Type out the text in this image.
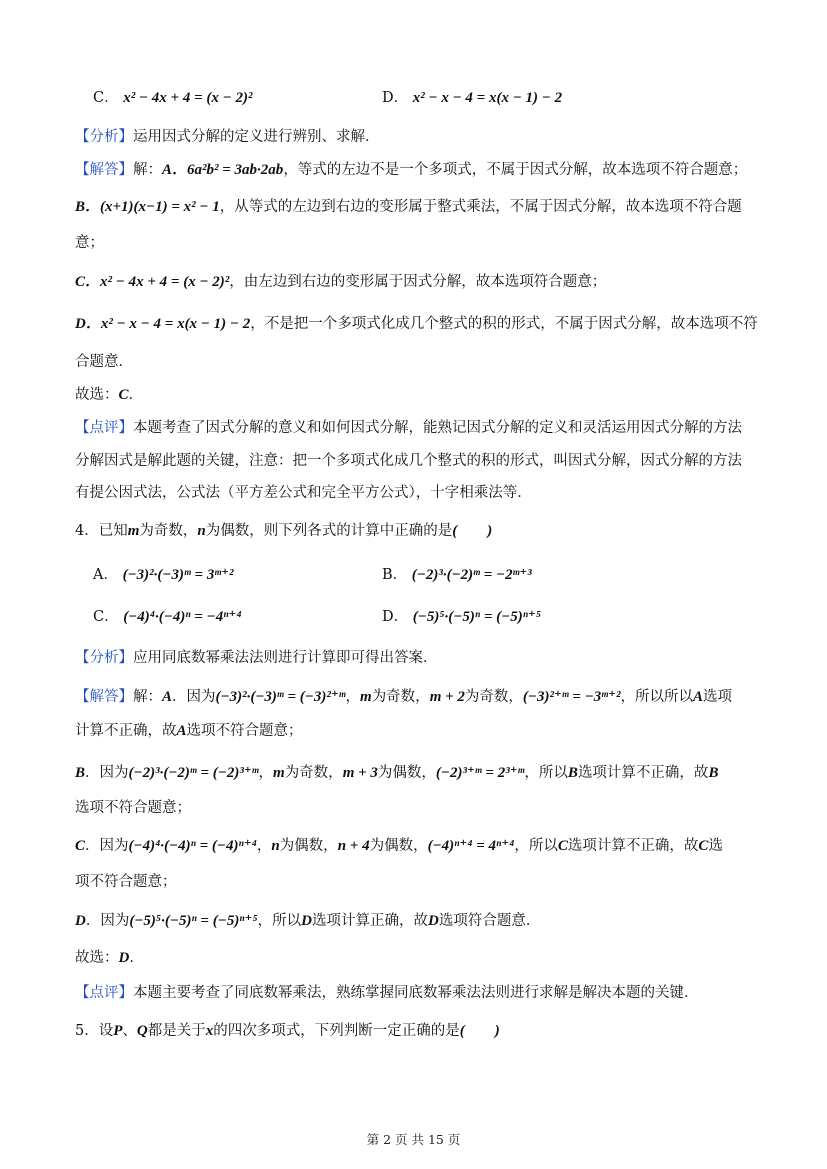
C． x² − 4x + 4 = (x − 2)²	D． x² − x − 4 = x(x − 1) − 2
【分析】运用因式分解的定义进行辨别、求解．
【解答】解：A．6a²b² = 3ab·2ab，等式的左边不是一个多项式，不属于因式分解，故本选项不符合题意；
B．(x+1)(x−1) = x² − 1，从等式的左边到右边的变形属于整式乘法，不属于因式分解，故本选项不符合题
意；
C．x² − 4x + 4 = (x − 2)²，由左边到右边的变形属于因式分解，故本选项符合题意；
D．x² − x − 4 = x(x − 1) − 2，不是把一个多项式化成几个整式的积的形式，不属于因式分解，故本选项不符
合题意．
故选：C．
【点评】本题考查了因式分解的意义和如何因式分解，能熟记因式分解的定义和灵活运用因式分解的方法
分解因式是解此题的关键，注意：把一个多项式化成几个整式的积的形式，叫因式分解，因式分解的方法
有提公因式法，公式法（平方差公式和完全平方公式），十字相乘法等．
4．已知m为奇数，n为偶数，则下列各式的计算中正确的是(　　)
A． (−3)²·(−3)ᵐ = 3ᵐ⁺²	B． (−2)³·(−2)ᵐ = −2ᵐ⁺³
C． (−4)⁴·(−4)ⁿ = −4ⁿ⁺⁴	D． (−5)⁵·(−5)ⁿ = (−5)ⁿ⁺⁵
【分析】应用同底数幂乘法法则进行计算即可得出答案．
【解答】解：A．因为(−3)²·(−3)ᵐ = (−3)²⁺ᵐ，m为奇数，m + 2为奇数，(−3)²⁺ᵐ = −3ᵐ⁺²，所以所以A选项
计算不正确，故A选项不符合题意；
B．因为(−2)³·(−2)ᵐ = (−2)³⁺ᵐ，m为奇数，m + 3为偶数，(−2)³⁺ᵐ = 2³⁺ᵐ，所以B选项计算不正确，故B
选项不符合题意；
C．因为(−4)⁴·(−4)ⁿ = (−4)ⁿ⁺⁴，n为偶数，n + 4为偶数，(−4)ⁿ⁺⁴ = 4ⁿ⁺⁴，所以C选项计算不正确，故C选
项不符合题意；
D．因为(−5)⁵·(−5)ⁿ = (−5)ⁿ⁺⁵，所以D选项计算正确，故D选项符合题意．
故选：D．
【点评】本题主要考查了同底数幂乘法，熟练掌握同底数幂乘法法则进行求解是解决本题的关键．
5．设P、Q都是关于x的四次多项式，下列判断一定正确的是(　　)
第 2 页 共 15 页
